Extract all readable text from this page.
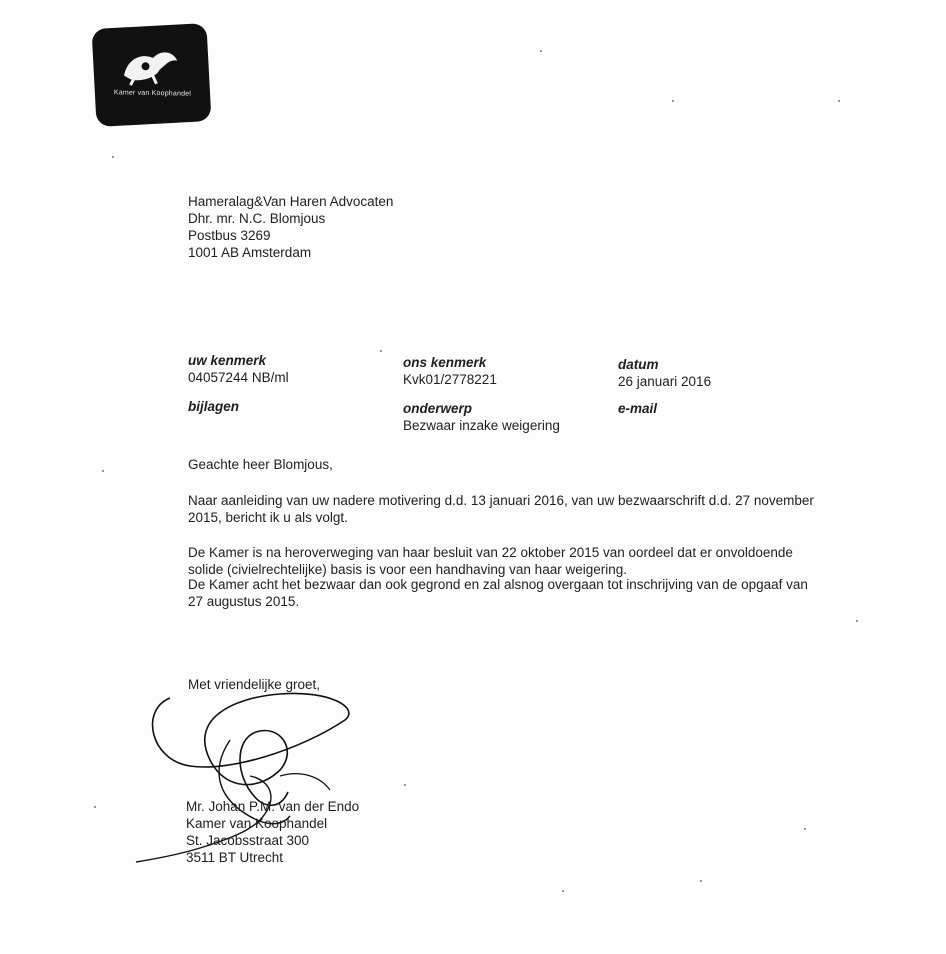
Kamer van Koophandel
Hameralag&Van Haren Advocaten
Dhr. mr. N.C. Blomjous
Postbus 3269
1001 AB Amsterdam
uw kenmerk
04057244 NB/ml
ons kenmerk
Kvk01/2778221
datum
26 januari 2016
bijlagen	onderwerp
Bezwaar inzake weigering
e-mail
Geachte heer Blomjous,
Naar aanleiding van uw nadere motivering d.d. 13 januari 2016, van uw bezwaarschrift d.d. 27 november 2015, bericht ik u als volgt.
De Kamer is na heroverweging van haar besluit van 22 oktober 2015 van oordeel dat er onvoldoende solide (civielrechtelijke) basis is voor een handhaving van haar weigering.
De Kamer acht het bezwaar dan ook gegrond en zal alsnog overgaan tot inschrijving van de opgaaf van 27 augustus 2015.
Met vriendelijke groet,
Mr. Johan P.M. van der Endo
Kamer van Koophandel
St. Jacobsstraat 300
3511 BT Utrecht
